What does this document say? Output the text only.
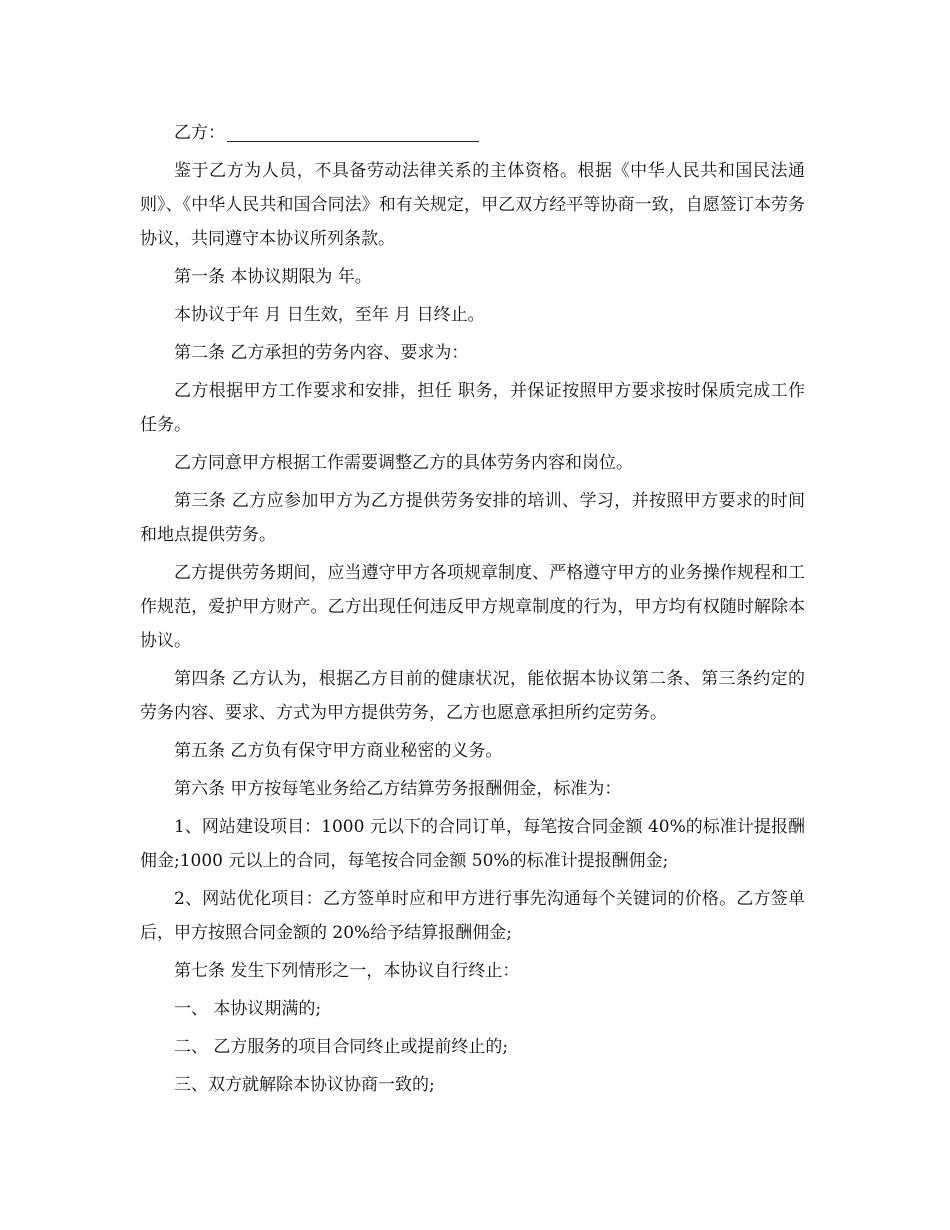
乙方：

鉴于乙方为人员，不具备劳动法律关系的主体资格。根据《中华人民共和国民法通则》、《中华人民共和国合同法》和有关规定，甲乙双方经平等协商一致，自愿签订本劳务协议，共同遵守本协议所列条款。

第一条 本协议期限为 年。

本协议于年 月 日生效，至年 月 日终止。

第二条 乙方承担的劳务内容、要求为：

乙方根据甲方工作要求和安排，担任 职务，并保证按照甲方要求按时保质完成工作任务。

乙方同意甲方根据工作需要调整乙方的具体劳务内容和岗位。

第三条 乙方应参加甲方为乙方提供劳务安排的培训、学习，并按照甲方要求的时间和地点提供劳务。

乙方提供劳务期间，应当遵守甲方各项规章制度、严格遵守甲方的业务操作规程和工作规范，爱护甲方财产。乙方出现任何违反甲方规章制度的行为，甲方均有权随时解除本协议。

第四条 乙方认为，根据乙方目前的健康状况，能依据本协议第二条、第三条约定的劳务内容、要求、方式为甲方提供劳务，乙方也愿意承担所约定劳务。

第五条 乙方负有保守甲方商业秘密的义务。

第六条 甲方按每笔业务给乙方结算劳务报酬佣金，标准为：

1、网站建设项目：1000 元以下的合同订单，每笔按合同金额 40%的标准计提报酬佣金;1000 元以上的合同，每笔按合同金额 50%的标准计提报酬佣金;

2、网站优化项目：乙方签单时应和甲方进行事先沟通每个关键词的价格。乙方签单后，甲方按照合同金额的 20%给予结算报酬佣金;

第七条 发生下列情形之一，本协议自行终止：

一、 本协议期满的;

二、 乙方服务的项目合同终止或提前终止的;

三、双方就解除本协议协商一致的;
